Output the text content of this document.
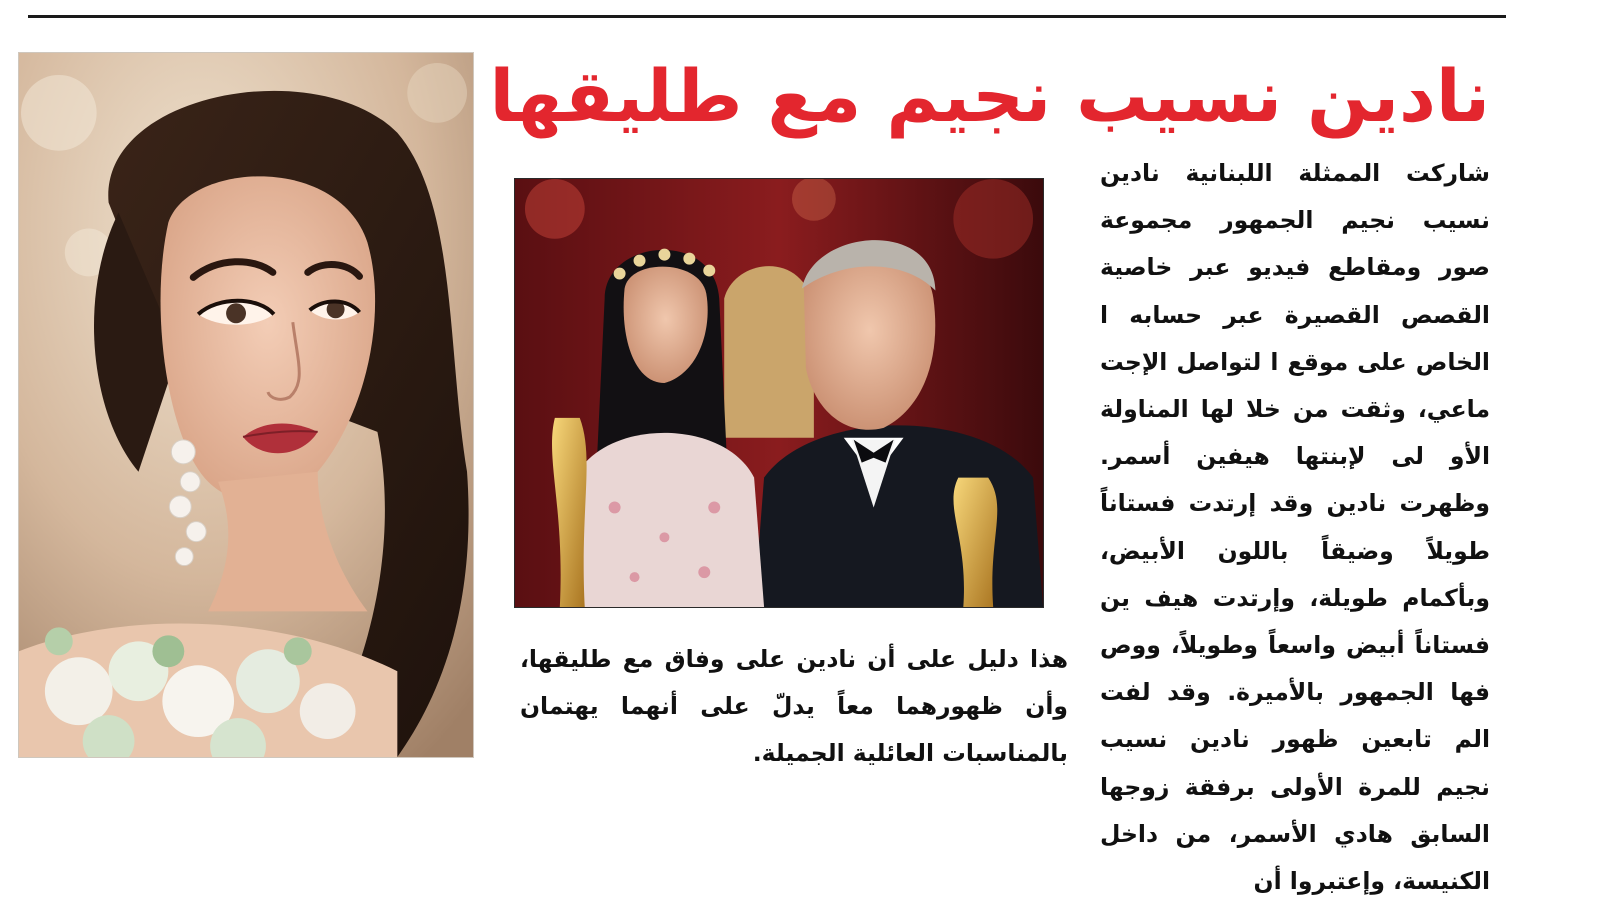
نادين نسيب نجيم مع طليقها

شاركت الممثلة اللبنانية نادين نسيب نجيم الجمهور مجموعة صور ومقاطع فيديو عبر خاصية القصص القصيرة عبر حسابه ا الخاص على موقع ا لتواصل الإجت ماعي، وثقت من خلا لها المناولة الأو لى لإبنتها هيفين أسمر. وظهرت نادين وقد إرتدت فستاناً طويلاً وضيقاً باللون الأبيض، وبأكمام طويلة، وإرتدت هيف ين فستاناً أبيض واسعاً وطويلاً، ووص فها الجمهور بالأميرة. وقد لفت الم تابعين ظهور نادين نسيب نجيم للمرة الأولى برفقة زوجها السابق هادي الأسمر، من داخل الكنيسة، وإعتبروا أن

هذا دليل على أن نادين على وفاق مع طليقها، وأن ظهورهما معاً يدلّ على أنهما يهتمان بالمناسبات العائلية الجميلة.
